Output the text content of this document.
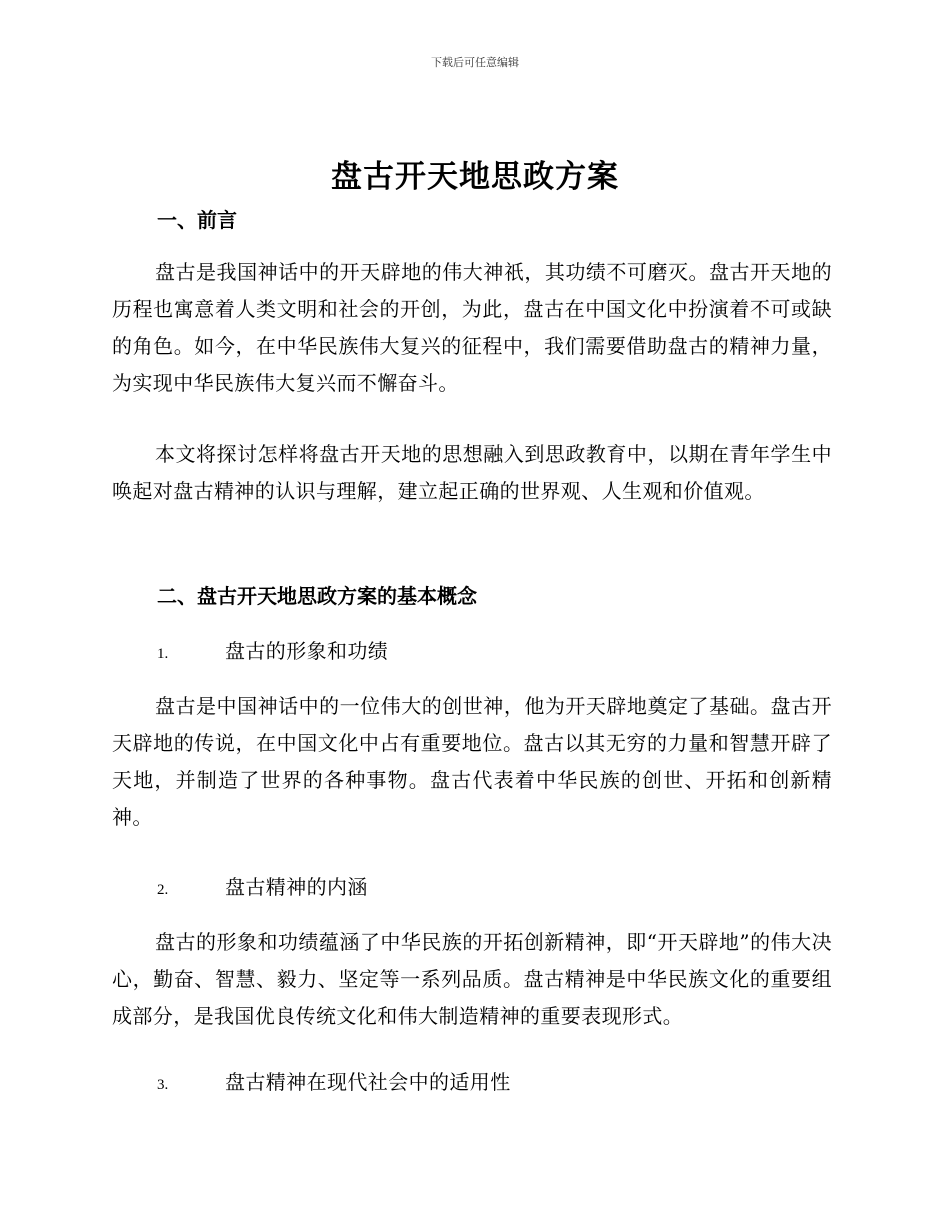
下载后可任意编辑
盘古开天地思政方案
一、前言

盘古是我国神话中的开天辟地的伟大神祇，其功绩不可磨灭。盘古开天地的历程也寓意着人类文明和社会的开创，为此，盘古在中国文化中扮演着不可或缺的角色。如今，在中华民族伟大复兴的征程中，我们需要借助盘古的精神力量，为实现中华民族伟大复兴而不懈奋斗。

本文将探讨怎样将盘古开天地的思想融入到思政教育中，以期在青年学生中唤起对盘古精神的认识与理解，建立起正确的世界观、人生观和价值观。

二、盘古开天地思政方案的基本概念
1.	盘古的形象和功绩

盘古是中国神话中的一位伟大的创世神，他为开天辟地奠定了基础。盘古开天辟地的传说，在中国文化中占有重要地位。盘古以其无穷的力量和智慧开辟了天地，并制造了世界的各种事物。盘古代表着中华民族的创世、开拓和创新精神。

2.	盘古精神的内涵

盘古的形象和功绩蕴涵了中华民族的开拓创新精神，即“开天辟地”的伟大决心，勤奋、智慧、毅力、坚定等一系列品质。盘古精神是中华民族文化的重要组成部分，是我国优良传统文化和伟大制造精神的重要表现形式。

3.	盘古精神在现代社会中的适用性
